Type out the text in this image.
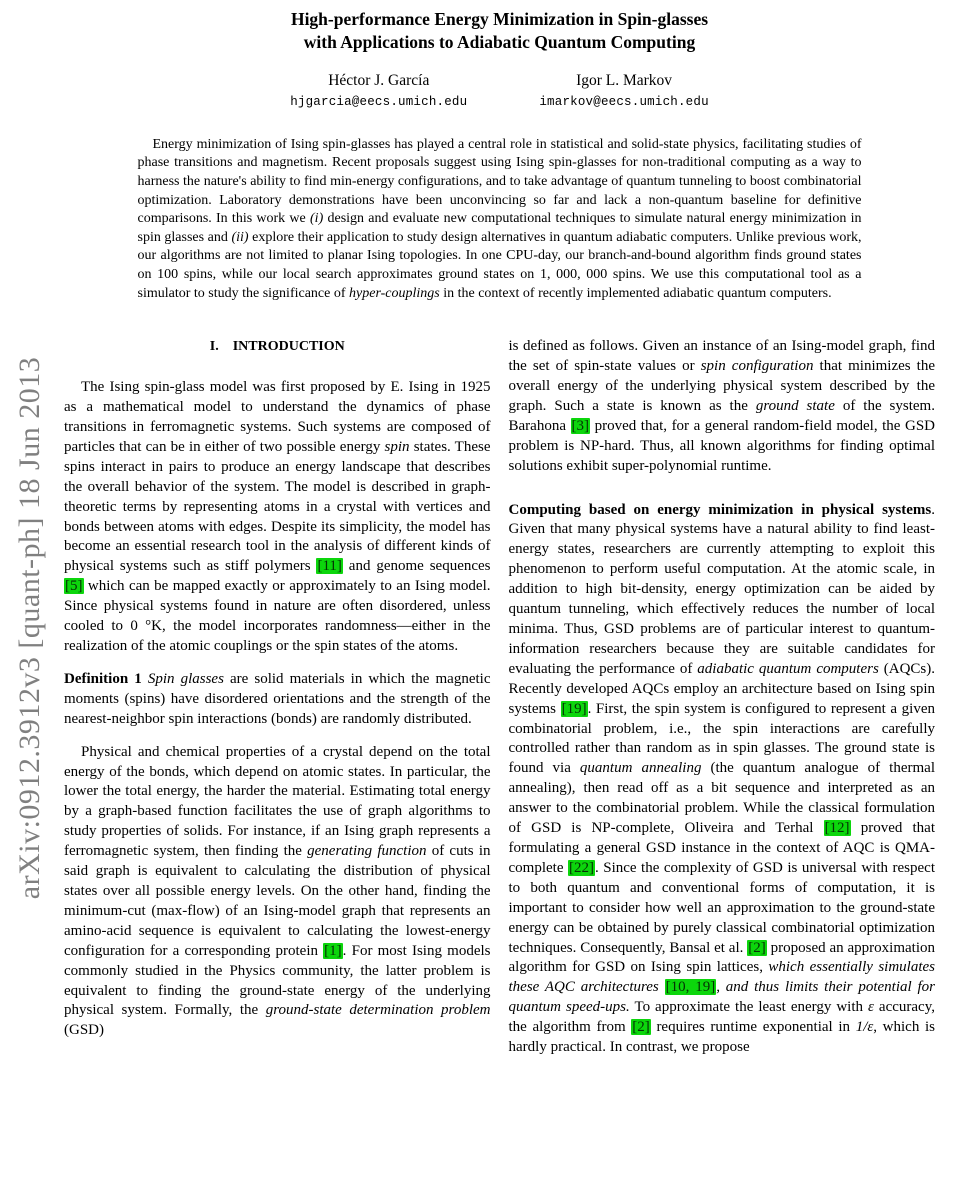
arXiv:0912.3912v3 [quant-ph] 18 Jun 2013
High-performance Energy Minimization in Spin-glasses
with Applications to Adiabatic Quantum Computing
Héctor J. García
hjgarcia@eecs.umich.edu
Igor L. Markov
imarkov@eecs.umich.edu
Energy minimization of Ising spin-glasses has played a central role in statistical and solid-state physics, facilitating studies of phase transitions and magnetism. Recent proposals suggest using Ising spin-glasses for non-traditional computing as a way to harness the nature's ability to find min-energy configurations, and to take advantage of quantum tunneling to boost combinatorial optimization. Laboratory demonstrations have been unconvincing so far and lack a non-quantum baseline for definitive comparisons. In this work we (i) design and evaluate new computational techniques to simulate natural energy minimization in spin glasses and (ii) explore their application to study design alternatives in quantum adiabatic computers. Unlike previous work, our algorithms are not limited to planar Ising topologies. In one CPU-day, our branch-and-bound algorithm finds ground states on 100 spins, while our local search approximates ground states on 1, 000, 000 spins. We use this computational tool as a simulator to study the significance of hyper-couplings in the context of recently implemented adiabatic quantum computers.
I. INTRODUCTION

The Ising spin-glass model was first proposed by E. Ising in 1925 as a mathematical model to understand the dynamics of phase transitions in ferromagnetic systems. Such systems are composed of particles that can be in either of two possible energy spin states. These spins interact in pairs to produce an energy landscape that describes the overall behavior of the system. The model is described in graph-theoretic terms by representing atoms in a crystal with vertices and bonds between atoms with edges. Despite its simplicity, the model has become an essential research tool in the analysis of different kinds of physical systems such as stiff polymers [11] and genome sequences [5] which can be mapped exactly or approximately to an Ising model. Since physical systems found in nature are often disordered, unless cooled to 0 °K, the model incorporates randomness—either in the realization of the atomic couplings or the spin states of the atoms.

Definition 1 Spin glasses are solid materials in which the magnetic moments (spins) have disordered orientations and the strength of the nearest-neighbor spin interactions (bonds) are randomly distributed.

Physical and chemical properties of a crystal depend on the total energy of the bonds, which depend on atomic states. In particular, the lower the total energy, the harder the material. Estimating total energy by a graph-based function facilitates the use of graph algorithms to study properties of solids. For instance, if an Ising graph represents a ferromagnetic system, then finding the generating function of cuts in said graph is equivalent to calculating the distribution of physical states over all possible energy levels. On the other hand, finding the minimum-cut (max-flow) of an Ising-model graph that represents an amino-acid sequence is equivalent to calculating the lowest-energy configuration for a corresponding protein [1]. For most Ising models commonly studied in the Physics community, the latter problem is equivalent to finding the ground-state energy of the underlying physical system. Formally, the ground-state determination problem (GSD)

is defined as follows. Given an instance of an Ising-model graph, find the set of spin-state values or spin configuration that minimizes the overall energy of the underlying physical system described by the graph. Such a state is known as the ground state of the system. Barahona [3] proved that, for a general random-field model, the GSD problem is NP-hard. Thus, all known algorithms for finding optimal solutions exhibit super-polynomial runtime.

Computing based on energy minimization in physical systems. Given that many physical systems have a natural ability to find least-energy states, researchers are currently attempting to exploit this phenomenon to perform useful computation. At the atomic scale, in addition to high bit-density, energy optimization can be aided by quantum tunneling, which effectively reduces the number of local minima. Thus, GSD problems are of particular interest to quantum-information researchers because they are suitable candidates for evaluating the performance of adiabatic quantum computers (AQCs). Recently developed AQCs employ an architecture based on Ising spin systems [19]. First, the spin system is configured to represent a given combinatorial problem, i.e., the spin interactions are carefully controlled rather than random as in spin glasses. The ground state is found via quantum annealing (the quantum analogue of thermal annealing), then read off as a bit sequence and interpreted as an answer to the combinatorial problem. While the classical formulation of GSD is NP-complete, Oliveira and Terhal [12] proved that formulating a general GSD instance in the context of AQC is QMA-complete [22]. Since the complexity of GSD is universal with respect to both quantum and conventional forms of computation, it is important to consider how well an approximation to the ground-state energy can be obtained by purely classical combinatorial optimization techniques. Consequently, Bansal et al. [2] proposed an approximation algorithm for GSD on Ising spin lattices, which essentially simulates these AQC architectures [10, 19], and thus limits their potential for quantum speed-ups. To approximate the least energy with ε accuracy, the algorithm from [2] requires runtime exponential in 1/ε, which is hardly practical. In contrast, we propose
